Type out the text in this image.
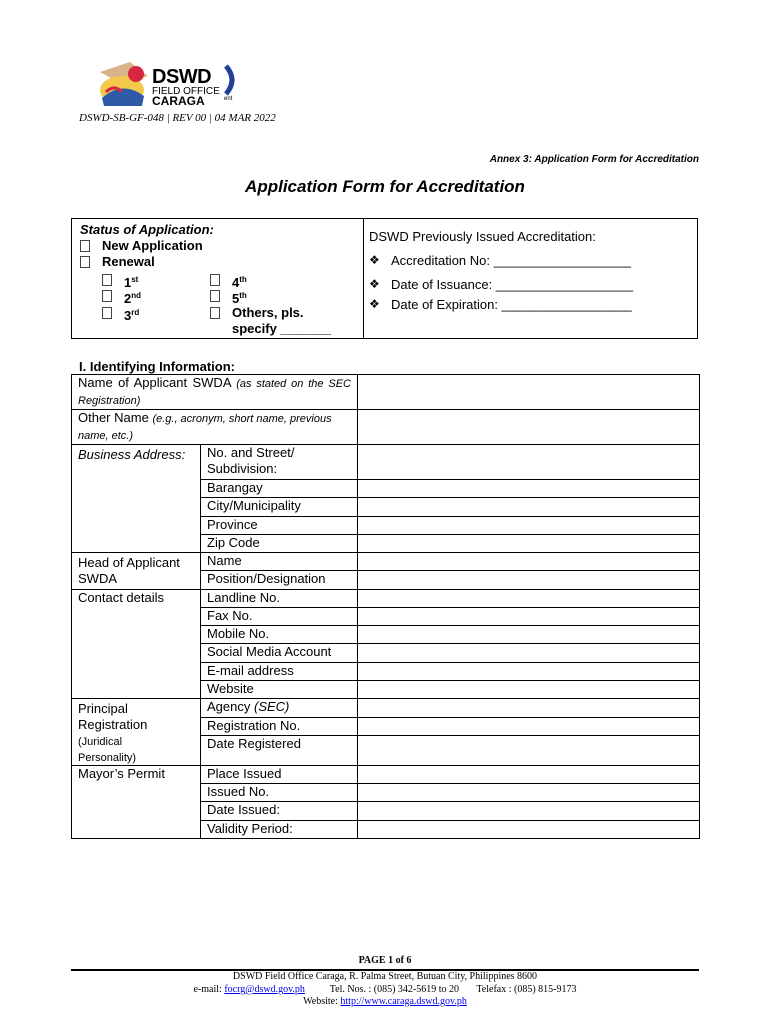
DSWD
FIELD OFFICE
CARAGA	ent
DSWD-SB-GF-048 | REV 00 | 04 MAR 2022
Annex 3: Application Form for Accreditation
Application Form for Accreditation
Status of Application:
New Application
Renewal
1st
2nd
3rd
4th
5th
Others, pls.
specify _______
DSWD Previously Issued Accreditation:
❖ Accreditation No: ___________________
❖ Date of Issuance: ___________________
❖ Date of Expiration: __________________
I. Identifying Information:
Name of Applicant SWDA (as stated on the SEC Registration)		
Other Name (e.g., acronym, short name, previous name, etc.)		
Business Address:	No. and Street/
Subdivision:	
	Barangay	
	City/Municipality	
	Province	
	Zip Code	

Head of Applicant
SWDA	Name	
	Position/Designation	
Contact details	Landline No.	
	Fax No.	
	Mobile No.	
	Social Media Account	
	E-mail address	
	Website	
Principal
Registration
(Juridical
Personality)	Agency (SEC)	
	Registration No.	
	Date Registered	
Mayor’s Permit	Place Issued	
	Issued No.	
	Date Issued:	
	Validity Period:	
PAGE 1 of 6
DSWD Field Office Caraga, R. Palma Street, Butuan City, Philippines 8600
e-mail: focrg@dswd.gov.ph Tel. Nos. : (085) 342-5619 to 20 Telefax : (085) 815-9173
Website: http://www.caraga.dswd.gov.ph
